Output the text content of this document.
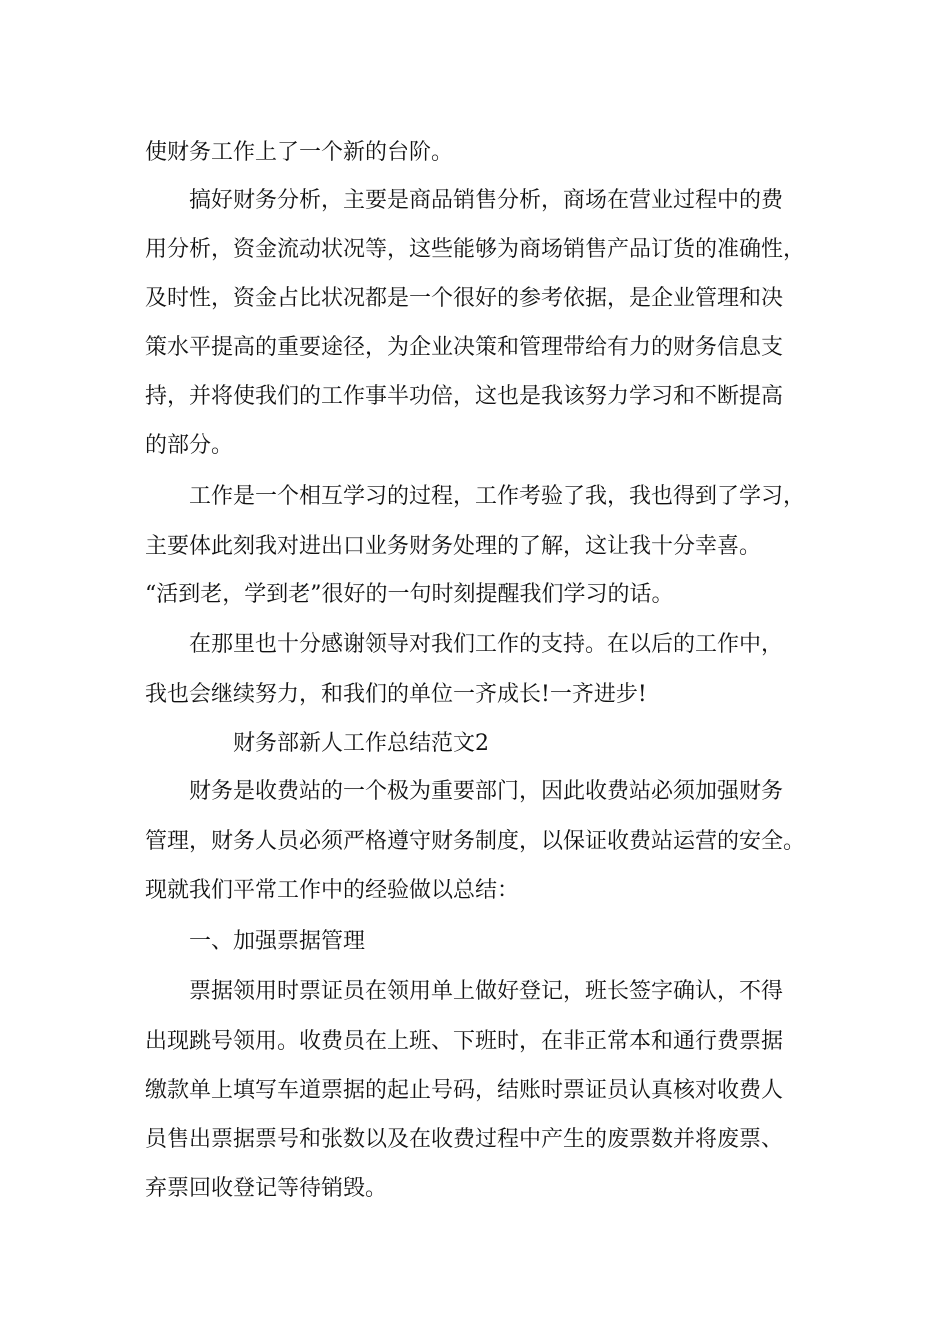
使财务工作上了一个新的台阶。

搞好财务分析，主要是商品销售分析，商场在营业过程中的费

用分析，资金流动状况等，这些能够为商场销售产品订货的准确性，

及时性，资金占比状况都是一个很好的参考依据，是企业管理和决

策水平提高的重要途径，为企业决策和管理带给有力的财务信息支

持，并将使我们的工作事半功倍，这也是我该努力学习和不断提高

的部分。

工作是一个相互学习的过程，工作考验了我，我也得到了学习，

主要体此刻我对进出口业务财务处理的了解，这让我十分幸喜。

“活到老，学到老”很好的一句时刻提醒我们学习的话。

在那里也十分感谢领导对我们工作的支持。在以后的工作中，

我也会继续努力，和我们的单位一齐成长!一齐进步!

财务部新人工作总结范文2

财务是收费站的一个极为重要部门，因此收费站必须加强财务

管理，财务人员必须严格遵守财务制度，以保证收费站运营的安全。

现就我们平常工作中的经验做以总结：

一、加强票据管理

票据领用时票证员在领用单上做好登记，班长签字确认，不得

出现跳号领用。收费员在上班、下班时，在非正常本和通行费票据

缴款单上填写车道票据的起止号码，结账时票证员认真核对收费人

员售出票据票号和张数以及在收费过程中产生的废票数并将废票、

弃票回收登记等待销毁。
